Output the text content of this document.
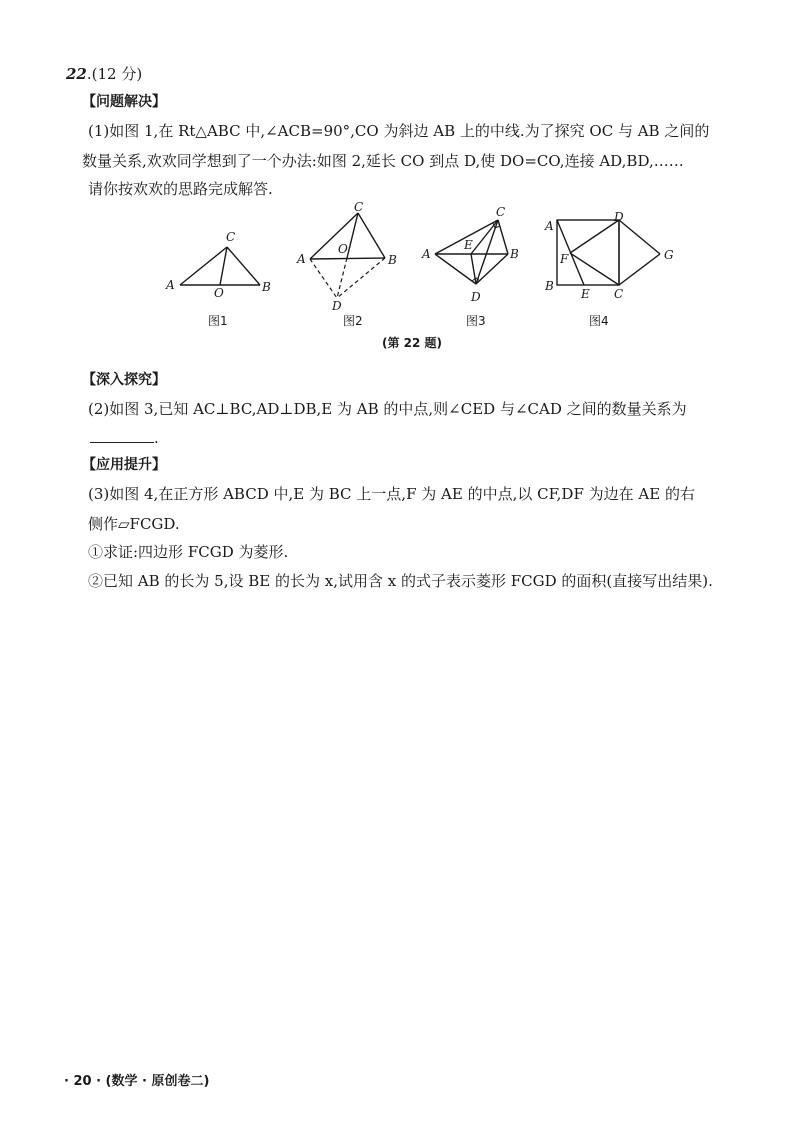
22.(12 分)
【问题解决】
(1)如图 1,在 Rt△ABC 中,∠ACB=90°,CO 为斜边 AB 上的中线.为了探究 OC 与 AB 之间的
数量关系,欢欢同学想到了一个办法:如图 2,延长 CO 到点 D,使 DO=CO,连接 AD,BD,……
请你按欢欢的思路完成解答.
A	B
C
O
图1
A	B
C
O
D
图2
A	B
C
E
D
图3
A
B
C
D
E
F	G
图4
(第 22 题)
【深入探究】
(2)如图 3,已知 AC⊥BC,AD⊥DB,E 为 AB 的中点,则∠CED 与∠CAD 之间的数量关系为
.
【应用提升】
(3)如图 4,在正方形 ABCD 中,E 为 BC 上一点,F 为 AE 的中点,以 CF,DF 为边在 AE 的右
侧作▱FCGD.
①求证:四边形 FCGD 为菱形.
②已知 AB 的长为 5,设 BE 的长为 x,试用含 x 的式子表示菱形 FCGD 的面积(直接写出结果).
· 20 · (数学 · 原创卷二)
